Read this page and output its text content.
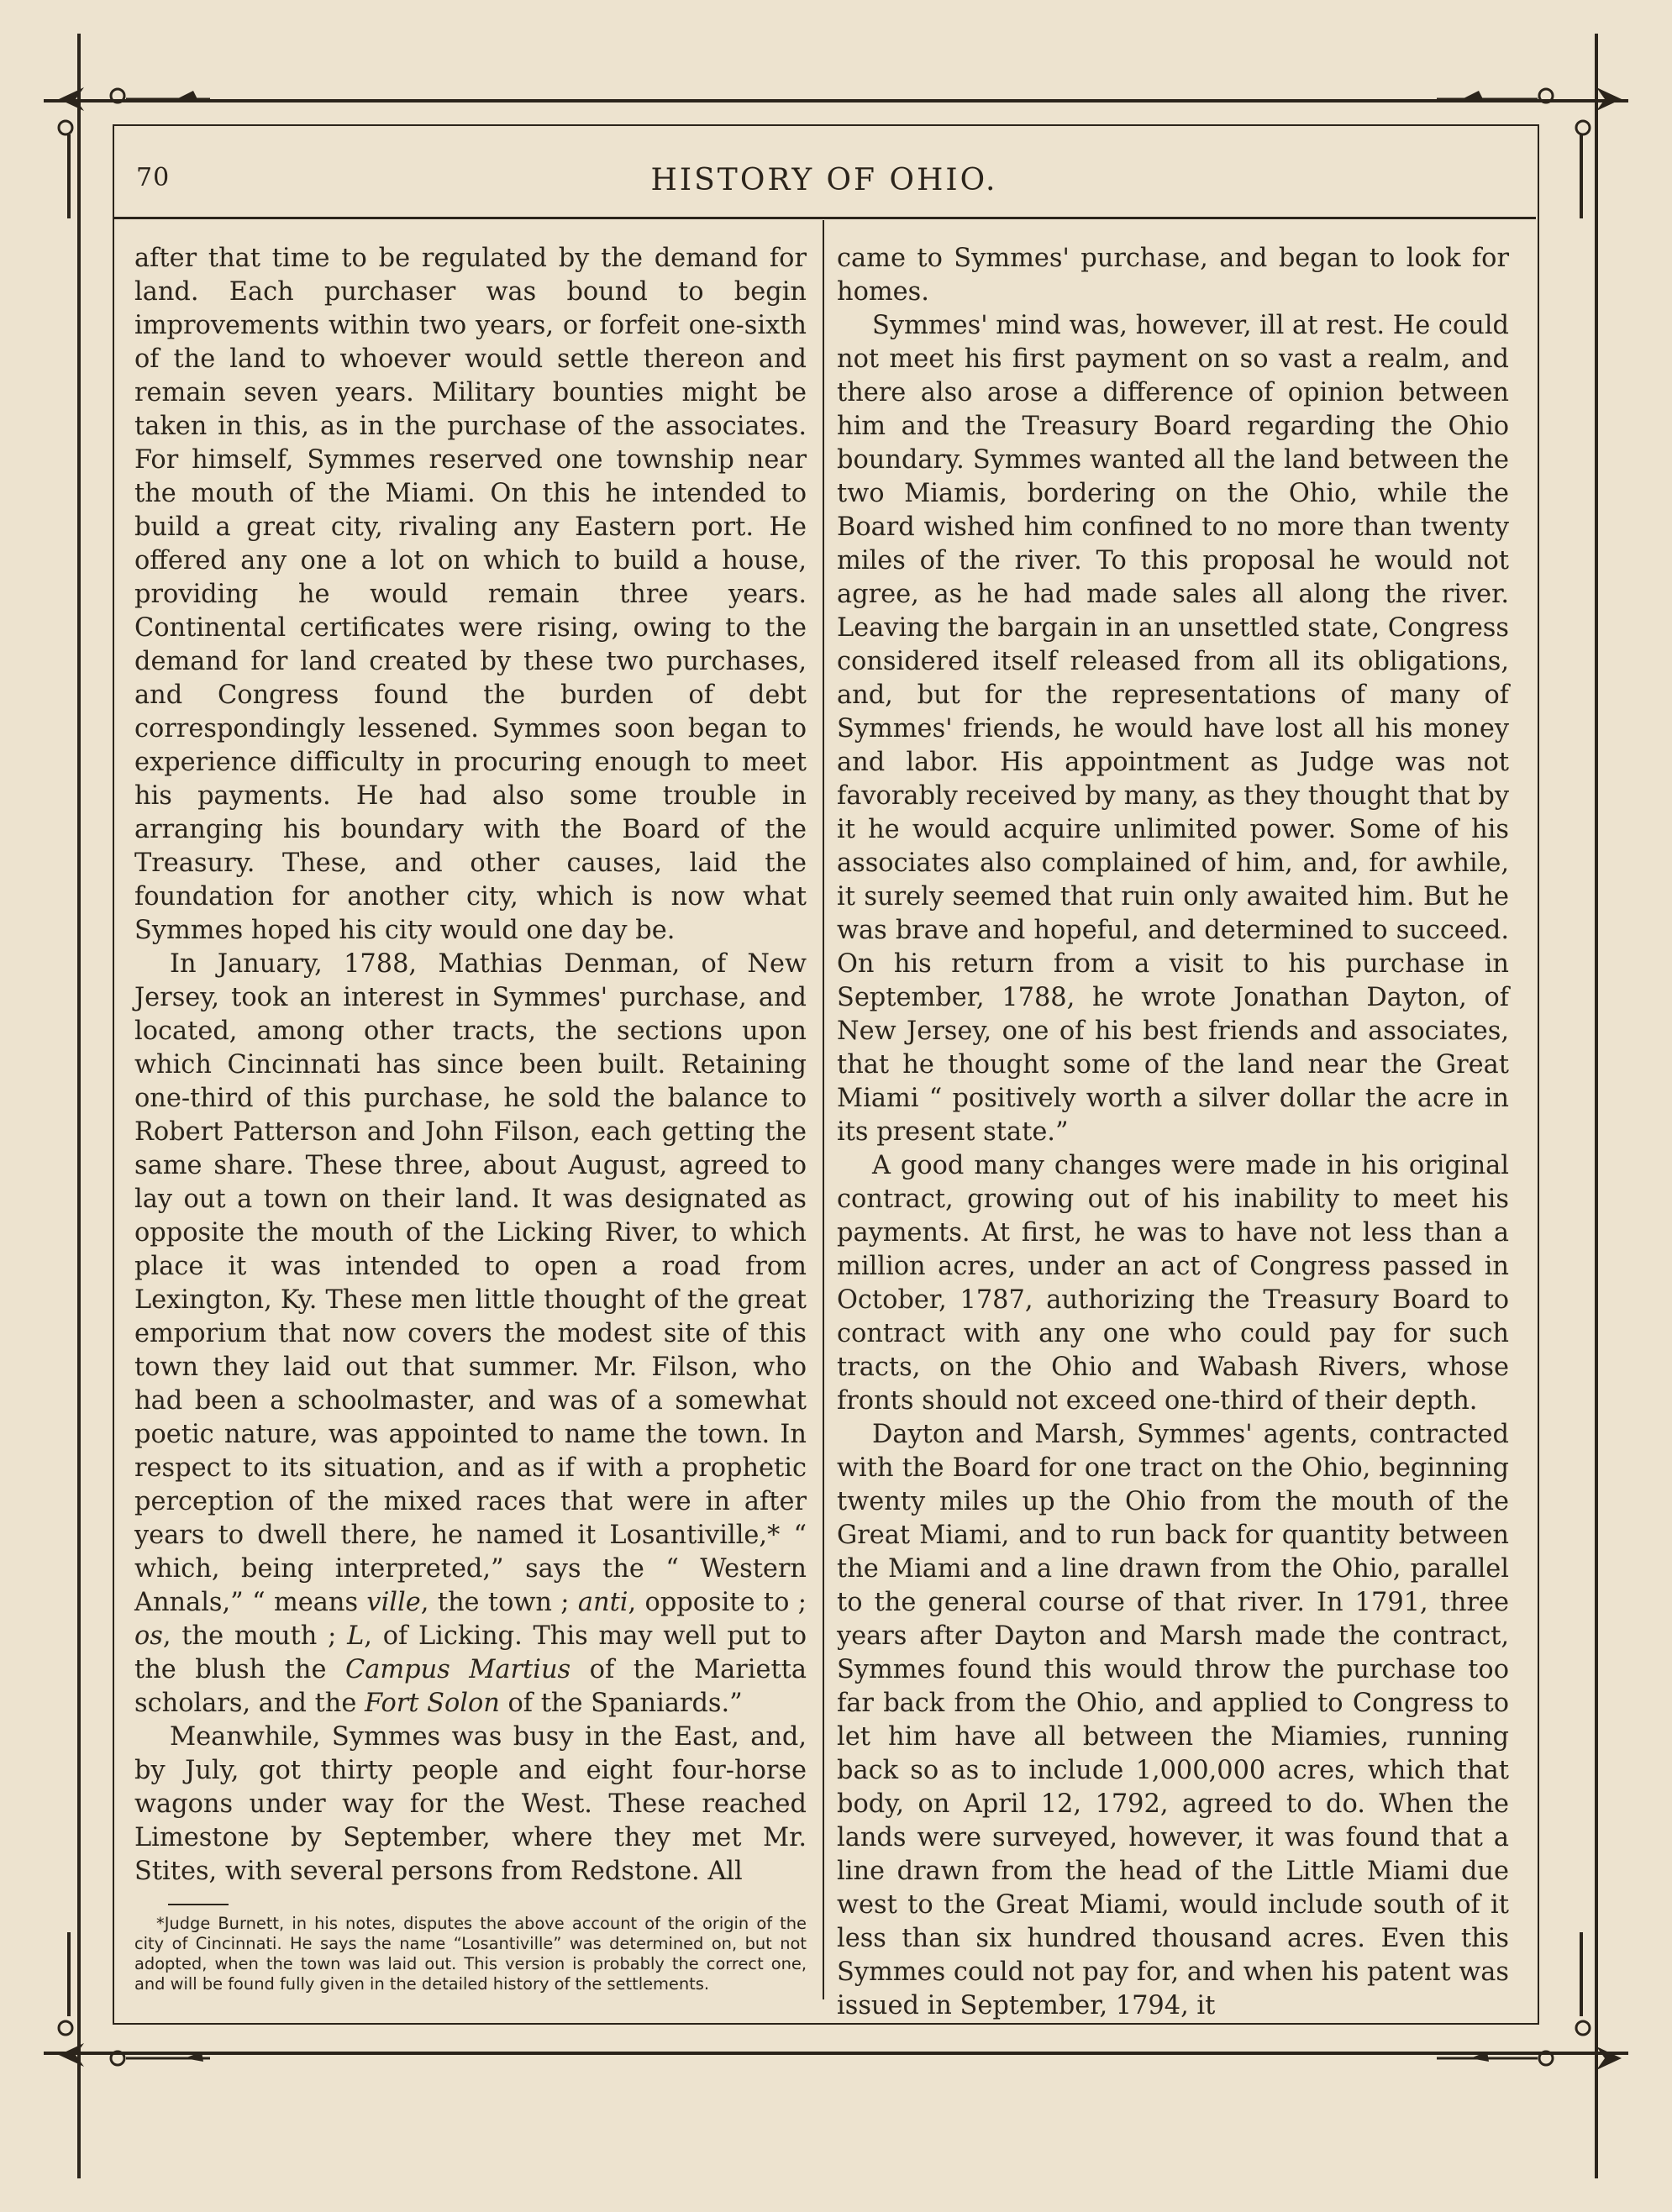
70	HISTORY OF OHIO.

after that time to be regulated by the demand for land. Each purchaser was bound to begin improvements within two years, or forfeit one-sixth of the land to whoever would settle thereon and remain seven years. Military bounties might be taken in this, as in the purchase of the associates. For himself, Symmes reserved one township near the mouth of the Miami. On this he intended to build a great city, rivaling any Eastern port. He offered any one a lot on which to build a house, providing he would remain three years. Continental certificates were rising, owing to the demand for land created by these two purchases, and Congress found the burden of debt correspondingly lessened. Symmes soon began to experience difficulty in procuring enough to meet his payments. He had also some trouble in arranging his boundary with the Board of the Treasury. These, and other causes, laid the foundation for another city, which is now what Symmes hoped his city would one day be.

In January, 1788, Mathias Denman, of New Jersey, took an interest in Symmes' purchase, and located, among other tracts, the sections upon which Cincinnati has since been built. Retaining one-third of this purchase, he sold the balance to Robert Patterson and John Filson, each getting the same share. These three, about August, agreed to lay out a town on their land. It was designated as opposite the mouth of the Licking River, to which place it was intended to open a road from Lexington, Ky. These men little thought of the great emporium that now covers the modest site of this town they laid out that summer. Mr. Filson, who had been a schoolmaster, and was of a somewhat poetic nature, was appointed to name the town. In respect to its situation, and as if with a prophetic perception of the mixed races that were in after years to dwell there, he named it Losantiville,* “ which, being interpreted,” says the “ Western Annals,” “ means ville, the town ; anti, opposite to ; os, the mouth ; L, of Licking. This may well put to the blush the Campus Martius of the Marietta scholars, and the Fort Solon of the Spaniards.”

Meanwhile, Symmes was busy in the East, and, by July, got thirty people and eight four-horse wagons under way for the West. These reached Limestone by September, where they met Mr. Stites, with several persons from Redstone. All

*Judge Burnett, in his notes, disputes the above account of the origin of the city of Cincinnati. He says the name “Losantiville” was determined on, but not adopted, when the town was laid out. This version is probably the correct one, and will be found fully given in the detailed history of the settlements.

came to Symmes' purchase, and began to look for homes.

Symmes' mind was, however, ill at rest. He could not meet his first payment on so vast a realm, and there also arose a difference of opinion between him and the Treasury Board regarding the Ohio boundary. Symmes wanted all the land between the two Miamis, bordering on the Ohio, while the Board wished him confined to no more than twenty miles of the river. To this proposal he would not agree, as he had made sales all along the river. Leaving the bargain in an unsettled state, Congress considered itself released from all its obligations, and, but for the representations of many of Symmes' friends, he would have lost all his money and labor. His appointment as Judge was not favorably received by many, as they thought that by it he would acquire unlimited power. Some of his associates also complained of him, and, for awhile, it surely seemed that ruin only awaited him. But he was brave and hopeful, and determined to succeed. On his return from a visit to his purchase in September, 1788, he wrote Jonathan Dayton, of New Jersey, one of his best friends and associates, that he thought some of the land near the Great Miami “ positively worth a silver dollar the acre in its present state.”

A good many changes were made in his original contract, growing out of his inability to meet his payments. At first, he was to have not less than a million acres, under an act of Congress passed in October, 1787, authorizing the Treasury Board to contract with any one who could pay for such tracts, on the Ohio and Wabash Rivers, whose fronts should not exceed one-third of their depth.

Dayton and Marsh, Symmes' agents, contracted with the Board for one tract on the Ohio, beginning twenty miles up the Ohio from the mouth of the Great Miami, and to run back for quantity between the Miami and a line drawn from the Ohio, parallel to the general course of that river. In 1791, three years after Dayton and Marsh made the contract, Symmes found this would throw the purchase too far back from the Ohio, and applied to Congress to let him have all between the Miamies, running back so as to include 1,000,000 acres, which that body, on April 12, 1792, agreed to do. When the lands were surveyed, however, it was found that a line drawn from the head of the Little Miami due west to the Great Miami, would include south of it less than six hundred thousand acres. Even this Symmes could not pay for, and when his patent was issued in September, 1794, it
